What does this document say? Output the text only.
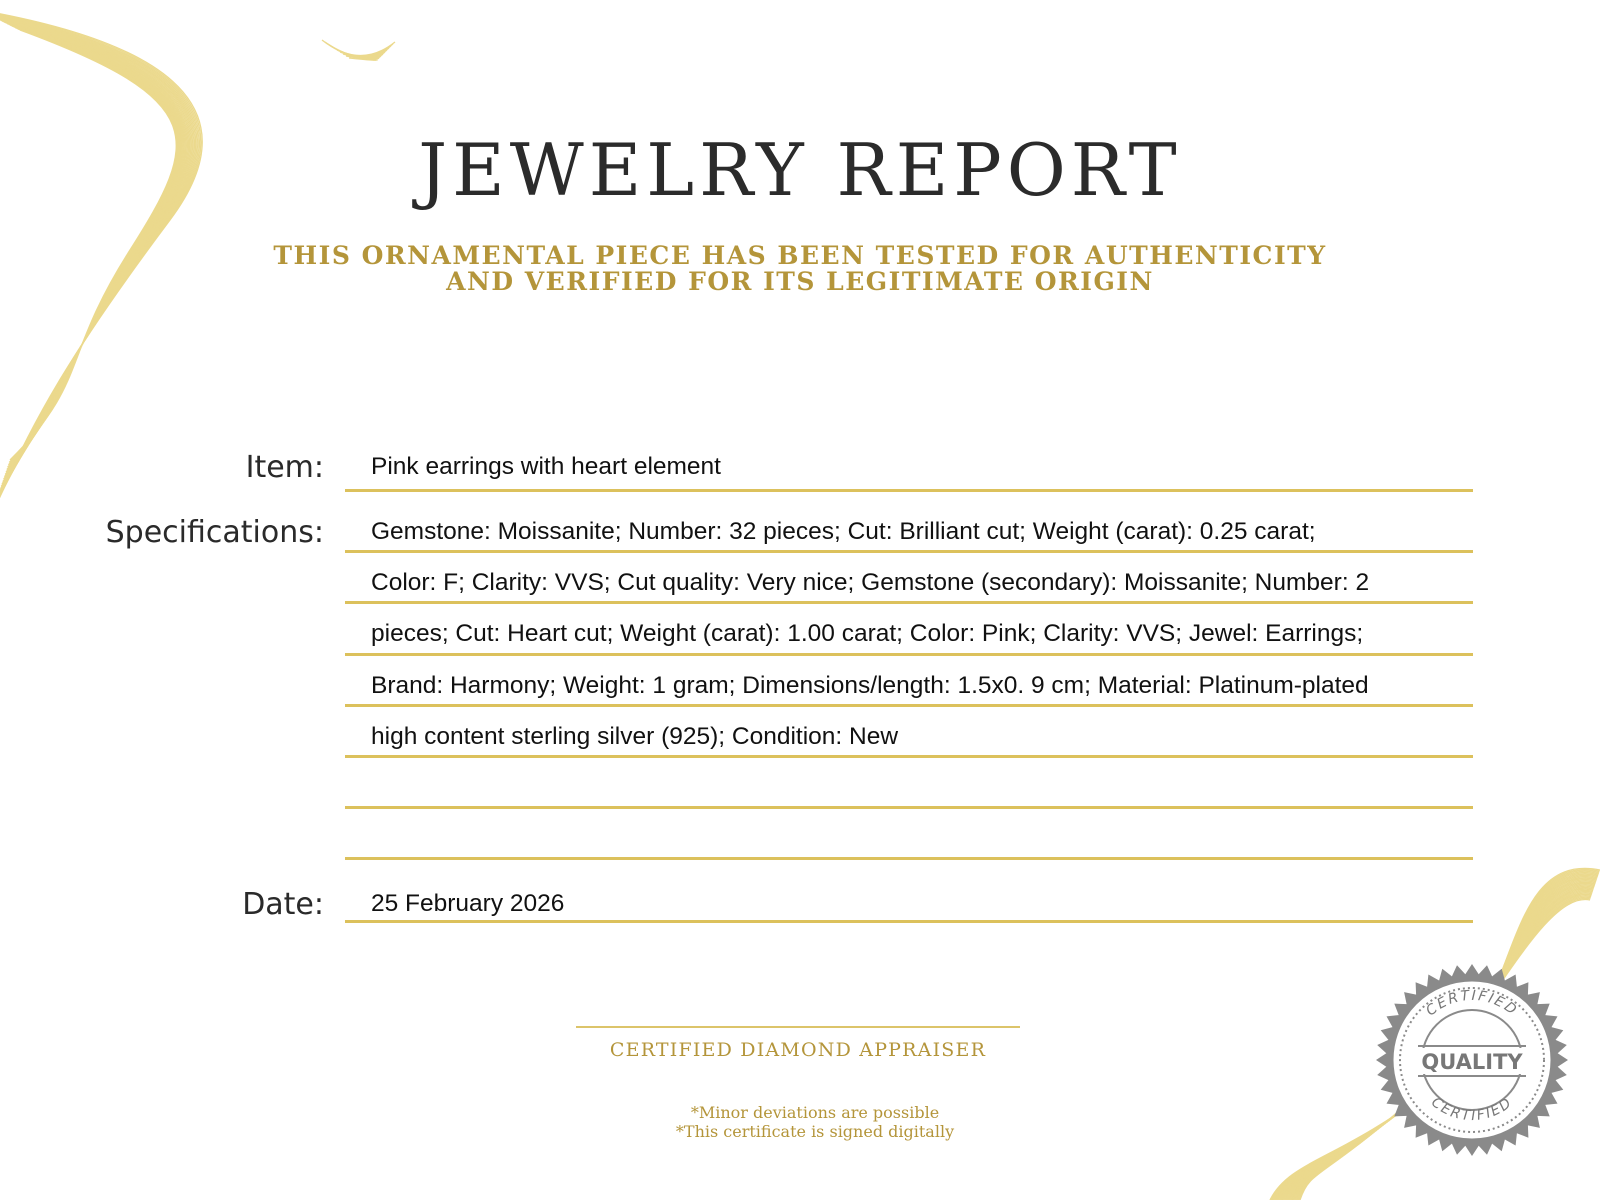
JEWELRY REPORT
THIS ORNAMENTAL PIECE HAS BEEN TESTED FOR AUTHENTICITY
AND VERIFIED FOR ITS LEGITIMATE ORIGIN
Item: Pink earrings with heart element
Specifications: Gemstone: Moissanite; Number: 32 pieces; Cut: Brilliant cut; Weight (carat): 0.25 carat;
Color: F; Clarity: VVS; Cut quality: Very nice; Gemstone (secondary): Moissanite; Number: 2
pieces; Cut: Heart cut; Weight (carat): 1.00 carat; Color: Pink; Clarity: VVS; Jewel: Earrings;
Brand: Harmony; Weight: 1 gram; Dimensions/length: 1.5x0. 9 cm; Material: Platinum-plated
high content sterling silver (925); Condition: New
Date: 25 February 2026
CERTIFIED DIAMOND APPRAISER
*Minor deviations are possible
*This certificate is signed digitally
CERTIFIED
CERTIFIED
QUALITY
